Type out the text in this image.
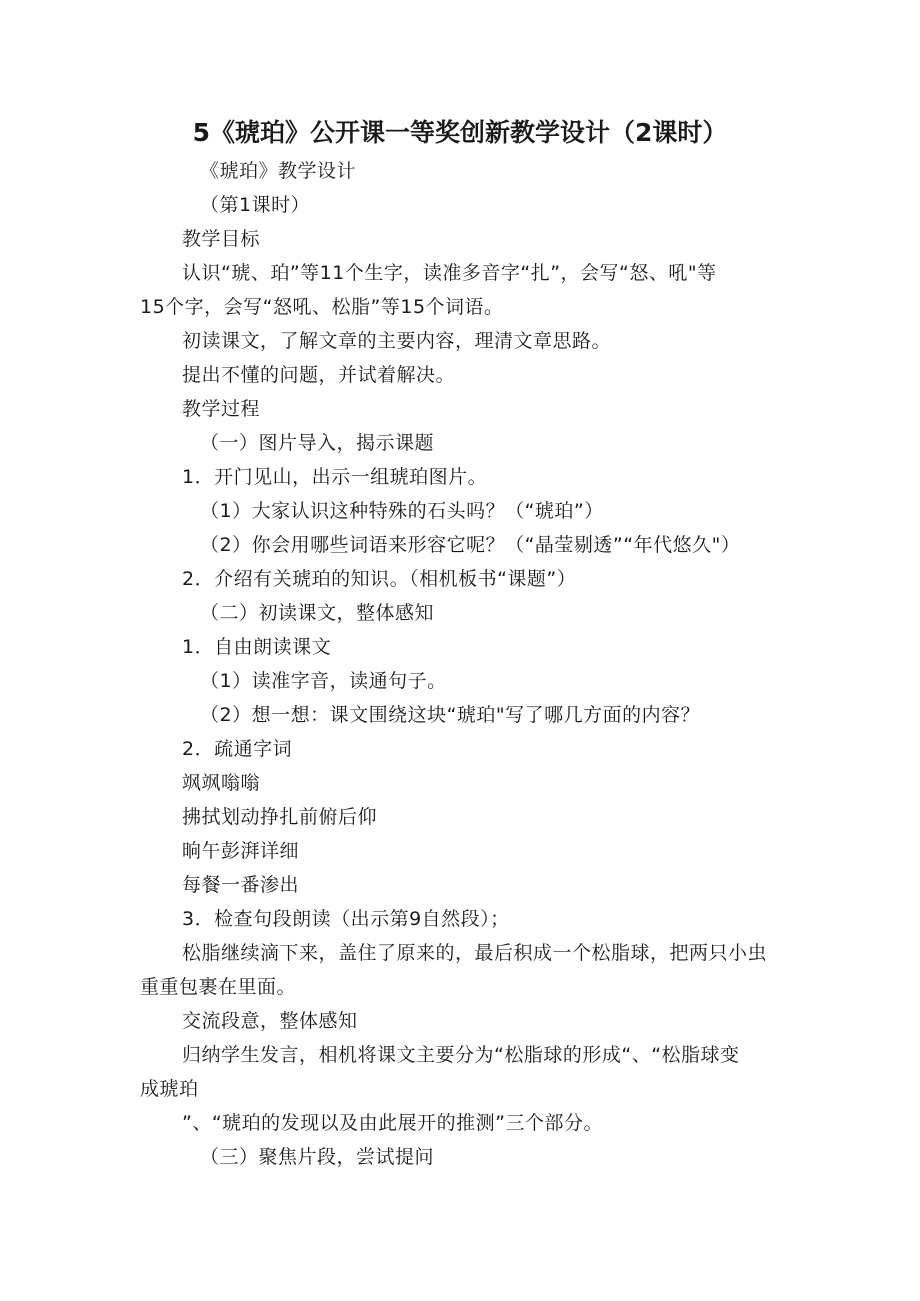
5《琥珀》公开课一等奖创新教学设计（2课时）
《琥珀》教学设计
（第1课时）
教学目标
认识“琥、珀”等11个生字，读准多音字“扎”，会写“怒、吼"等
15个字，会写“怒吼、松脂”等15个词语。
初读课文，了解文章的主要内容，理清文章思路。
提出不懂的问题，并试着解决。
教学过程
（一）图片导入，揭示课题
1．开门见山，出示一组琥珀图片。
（1）大家认识这种特殊的石头吗？（“琥珀”）
（2）你会用哪些词语来形容它呢？（“晶莹剔透”“年代悠久"）
2．介绍有关琥珀的知识。（相机板书“课题”）
（二）初读课文，整体感知
1．自由朗读课文
（1）读准字音，读通句子。
（2）想一想：课文围绕这块“琥珀"写了哪几方面的内容？
2．疏通字词
飒飒嗡嗡
拂拭划动挣扎前俯后仰
晌午彭湃详细
每餐一番渗出
3．检查句段朗读（出示第9自然段）；
松脂继续滴下来，盖住了原来的，最后积成一个松脂球，把两只小虫
重重包裹在里面。
交流段意，整体感知
归纳学生发言，相机将课文主要分为“松脂球的形成“、“松脂球变
成琥珀
”、“琥珀的发现以及由此展开的推测”三个部分。
（三）聚焦片段，尝试提问
